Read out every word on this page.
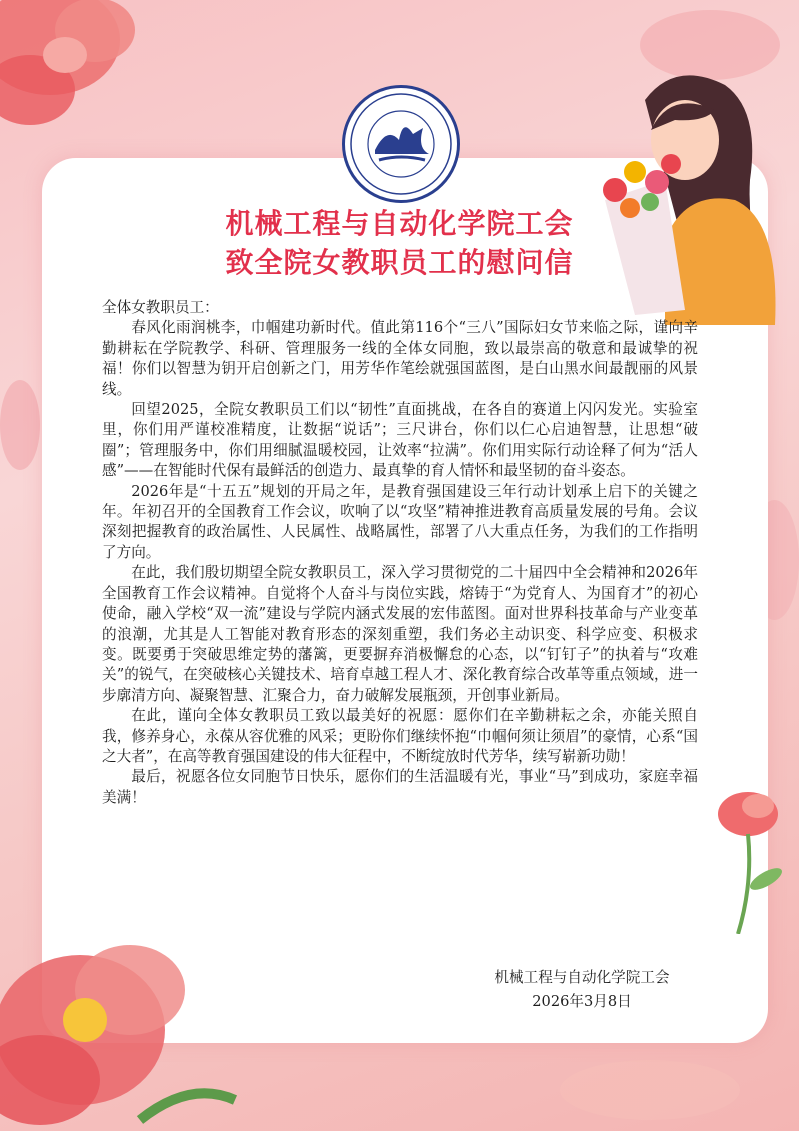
机械工程与自动化学院工会
致全院女教职员工的慰问信

全体女教职员工：

春风化雨润桃李，巾帼建功新时代。值此第116个“三八”国际妇女节来临之际，谨向辛勤耕耘在学院教学、科研、管理服务一线的全体女同胞，致以最崇高的敬意和最诚挚的祝福！你们以智慧为钥开启创新之门，用芳华作笔绘就强国蓝图，是白山黑水间最靓丽的风景线。

回望2025，全院女教职员工们以“韧性”直面挑战，在各自的赛道上闪闪发光。实验室里，你们用严谨校准精度，让数据“说话”；三尺讲台，你们以仁心启迪智慧，让思想“破圈”；管理服务中，你们用细腻温暖校园，让效率“拉满”。你们用实际行动诠释了何为“活人感”——在智能时代保有最鲜活的创造力、最真挚的育人情怀和最坚韧的奋斗姿态。

2026年是“十五五”规划的开局之年，是教育强国建设三年行动计划承上启下的关键之年。年初召开的全国教育工作会议，吹响了以“攻坚”精神推进教育高质量发展的号角。会议深刻把握教育的政治属性、人民属性、战略属性，部署了八大重点任务，为我们的工作指明了方向。

在此，我们殷切期望全院女教职员工，深入学习贯彻党的二十届四中全会精神和2026年全国教育工作会议精神。自觉将个人奋斗与岗位实践，熔铸于“为党育人、为国育才”的初心使命，融入学校“双一流”建设与学院内涵式发展的宏伟蓝图。面对世界科技革命与产业变革的浪潮，尤其是人工智能对教育形态的深刻重塑，我们务必主动识变、科学应变、积极求变。既要勇于突破思维定势的藩篱，更要摒弃消极懈怠的心态，以“钉钉子”的执着与“攻难关”的锐气，在突破核心关键技术、培育卓越工程人才、深化教育综合改革等重点领域，进一步廓清方向、凝聚智慧、汇聚合力，奋力破解发展瓶颈，开创事业新局。

在此，谨向全体女教职员工致以最美好的祝愿：愿你们在辛勤耕耘之余，亦能关照自我，修养身心，永葆从容优雅的风采；更盼你们继续怀抱“巾帼何须让须眉”的豪情，心系“国之大者”，在高等教育强国建设的伟大征程中，不断绽放时代芳华，续写崭新功勋！

最后，祝愿各位女同胞节日快乐，愿你们的生活温暖有光，事业“马”到成功，家庭幸福美满！

机械工程与自动化学院工会
2026年3月8日
